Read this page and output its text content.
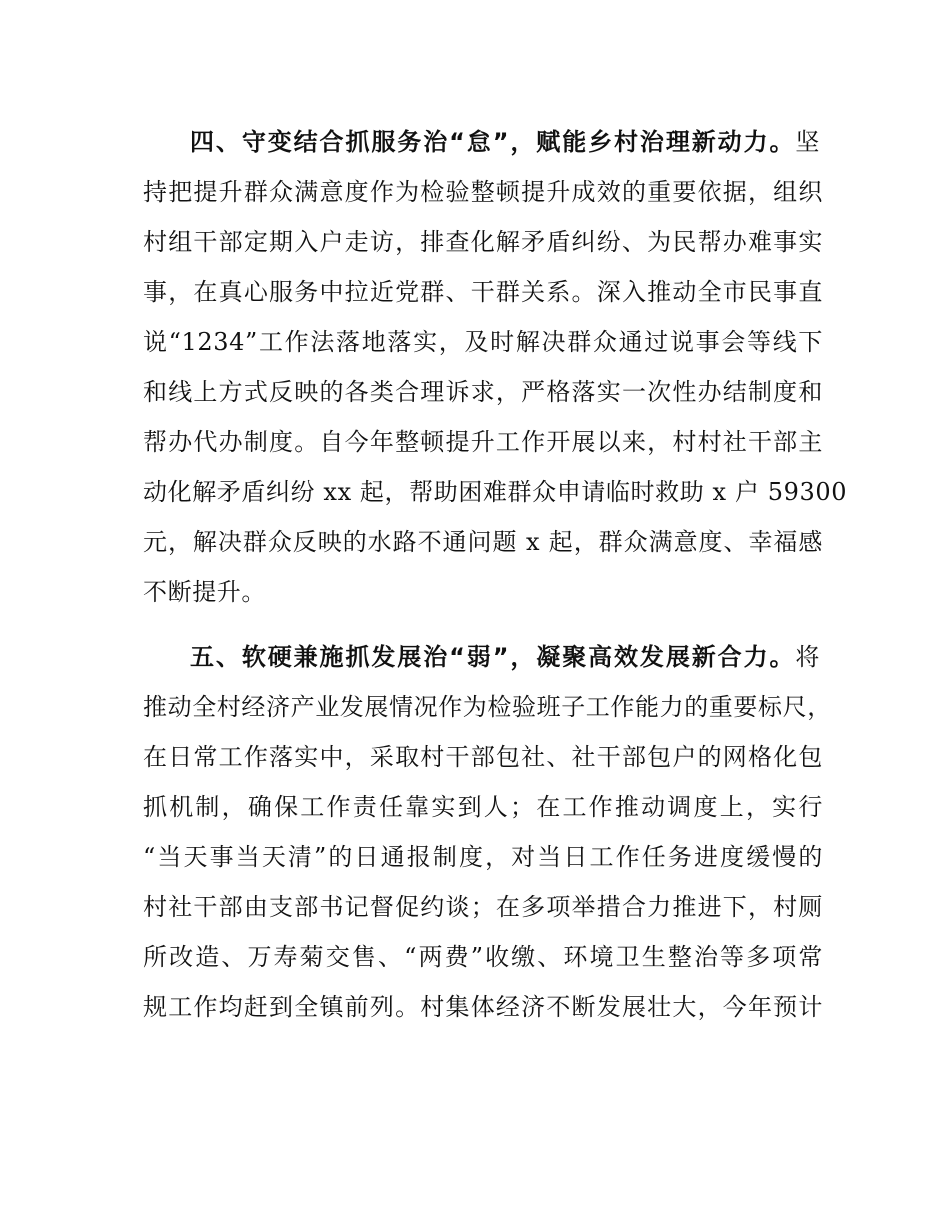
四、守变结合抓服务治“怠”，赋能乡村治理新动力。坚
持把提升群众满意度作为检验整顿提升成效的重要依据，组织
村组干部定期入户走访，排查化解矛盾纠纷、为民帮办难事实
事，在真心服务中拉近党群、干群关系。深入推动全市民事直
说“1234”工作法落地落实，及时解决群众通过说事会等线下
和线上方式反映的各类合理诉求，严格落实一次性办结制度和
帮办代办制度。自今年整顿提升工作开展以来，村村社干部主
动化解矛盾纠纷 xx 起，帮助困难群众申请临时救助 x 户 59300
元，解决群众反映的水路不通问题 x 起，群众满意度、幸福感
不断提升。
五、软硬兼施抓发展治“弱”，凝聚高效发展新合力。将
推动全村经济产业发展情况作为检验班子工作能力的重要标尺，
在日常工作落实中，采取村干部包社、社干部包户的网格化包
抓机制，确保工作责任靠实到人；在工作推动调度上，实行
“当天事当天清”的日通报制度，对当日工作任务进度缓慢的
村社干部由支部书记督促约谈；在多项举措合力推进下，村厕
所改造、万寿菊交售、“两费”收缴、环境卫生整治等多项常
规工作均赶到全镇前列。村集体经济不断发展壮大，今年预计
